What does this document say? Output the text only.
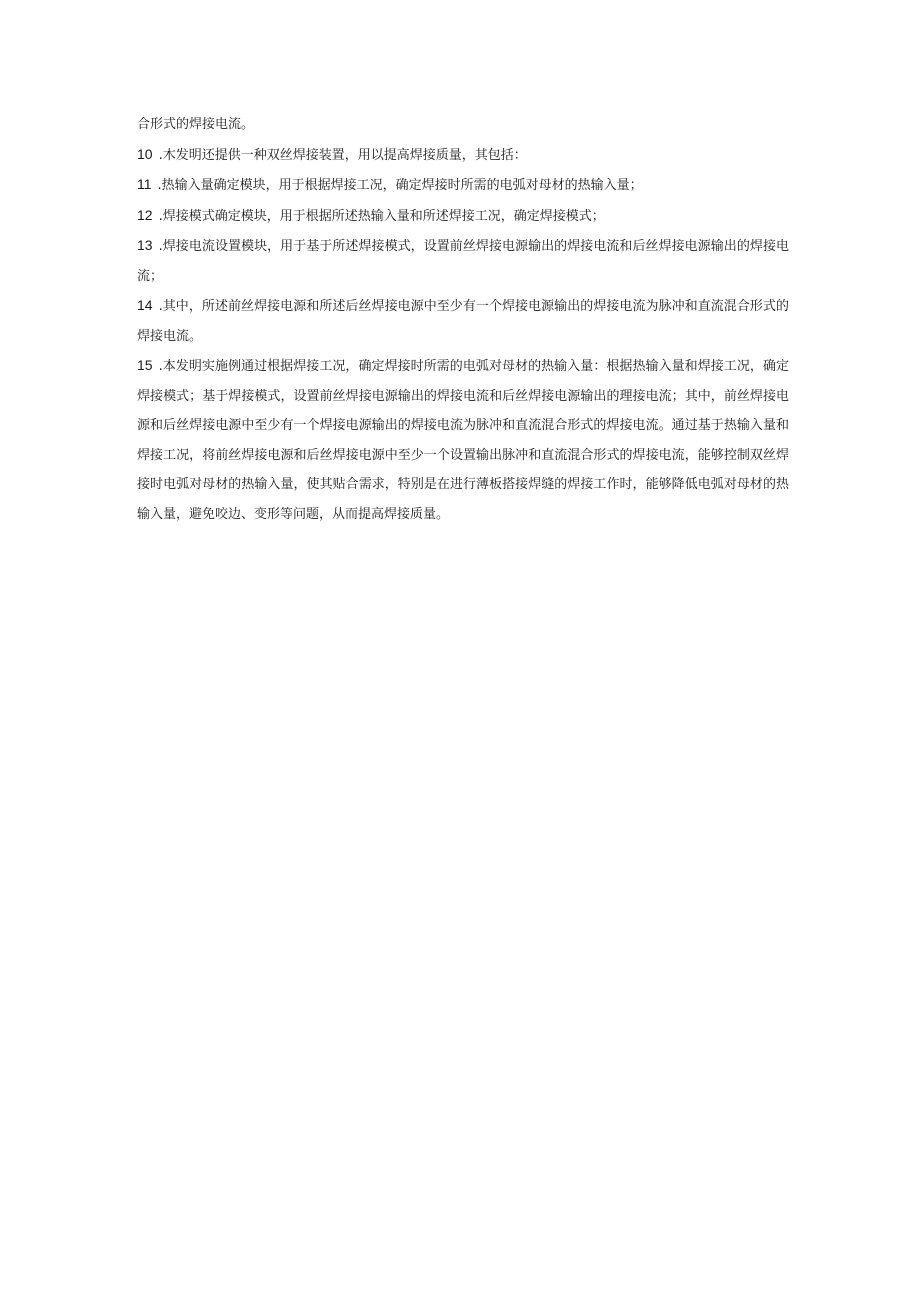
合形式的焊接电流。

10 .木发明还提供一种双丝焊接装置，用以提高焊接质量，其包括：

11 .热输入量确定模块，用于根据焊接工况，确定焊接时所需的电弧对母材的热输入量；

12 .焊接模式确定模块，用于根据所述热输入量和所述焊接工况，确定焊接模式；

13 .焊接电流设置模块，用于基于所述焊接模式，设置前丝焊接电源输出的焊接电流和后丝焊接电源输出的焊接电流；

14 .其中，所述前丝焊接电源和所述后丝焊接电源中至少有一个焊接电源输出的焊接电流为脉冲和直流混合形式的焊接电流。

15 .本发明实施例通过根据焊接工况，确定焊接时所需的电弧对母材的热输入量：根据热输入量和焊接工况，确定焊接模式；基于焊接模式，设置前丝焊接电源输出的焊接电流和后丝焊接电源输出的理接电流；其中，前丝焊接电源和后丝焊接电源中至少有一个焊接电源输出的焊接电流为脉冲和直流混合形式的焊接电流。通过基于热输入量和焊接工况，将前丝焊接电源和后丝焊接电源中至少一个设置输出脉冲和直流混合形式的焊接电流，能够控制双丝焊接时电弧对母材的热输入量，使其贴合需求，特别是在进行薄板搭接焊缝的焊接工作时，能够降低电弧对母材的热输入量，避免咬边、变形等问题，从而提高焊接质量。
